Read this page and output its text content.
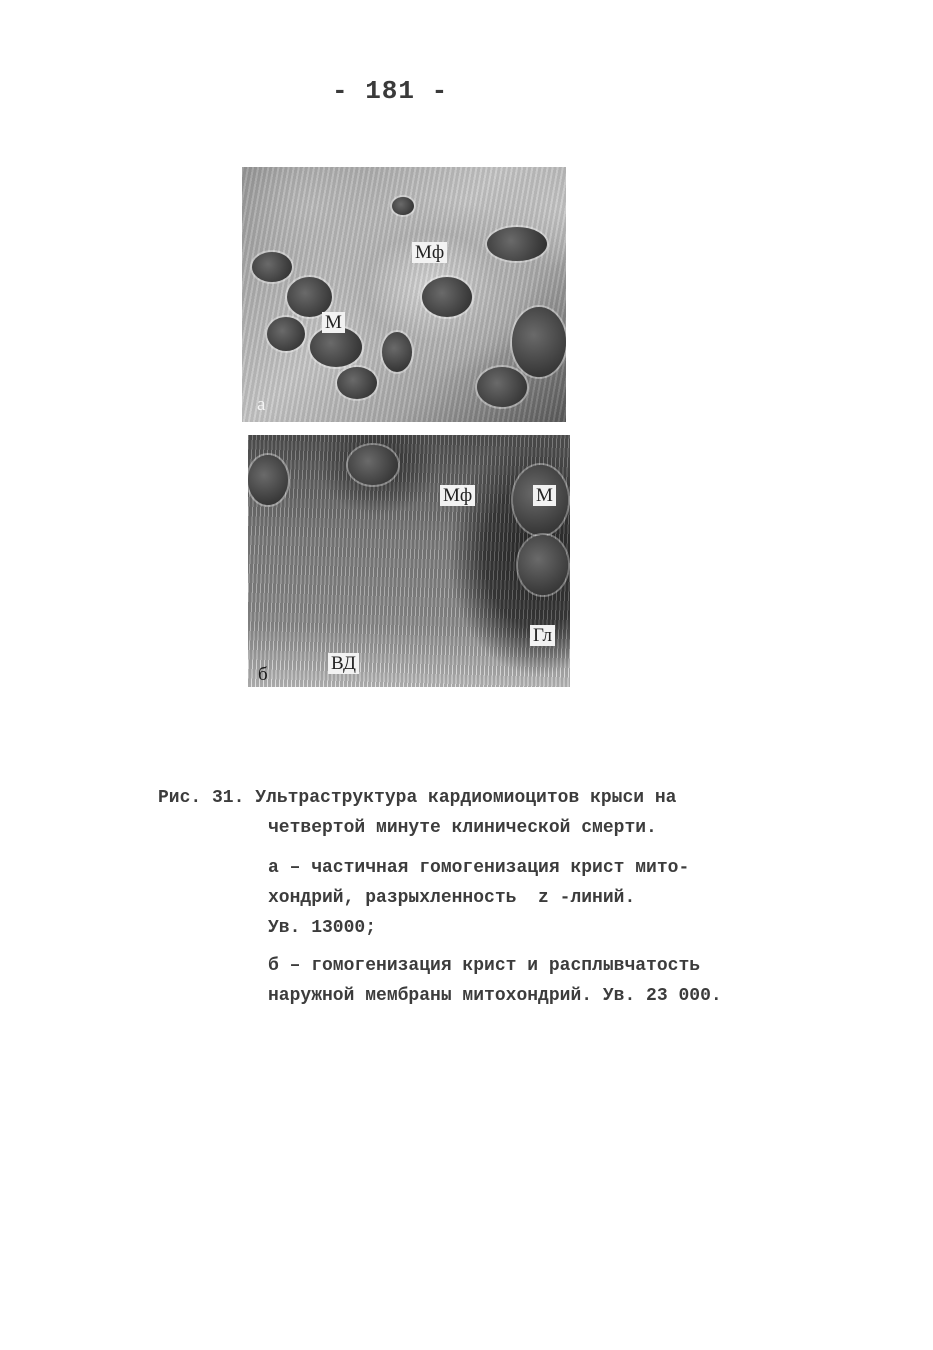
- 181 -
Мф
М
а
Мф	М
Гл
ВД
б
Рис. 31. Ультраструктура кардиомиоцитов крыси на
четвертой минуте клинической смерти.
а – частичная гомогенизация крист мито-
хондрий, разрыхленность  z -линий.
Ув. 13000;
б – гомогенизация крист и расплывчатость
наружной мембраны митохондрий. Ув. 23 000.
